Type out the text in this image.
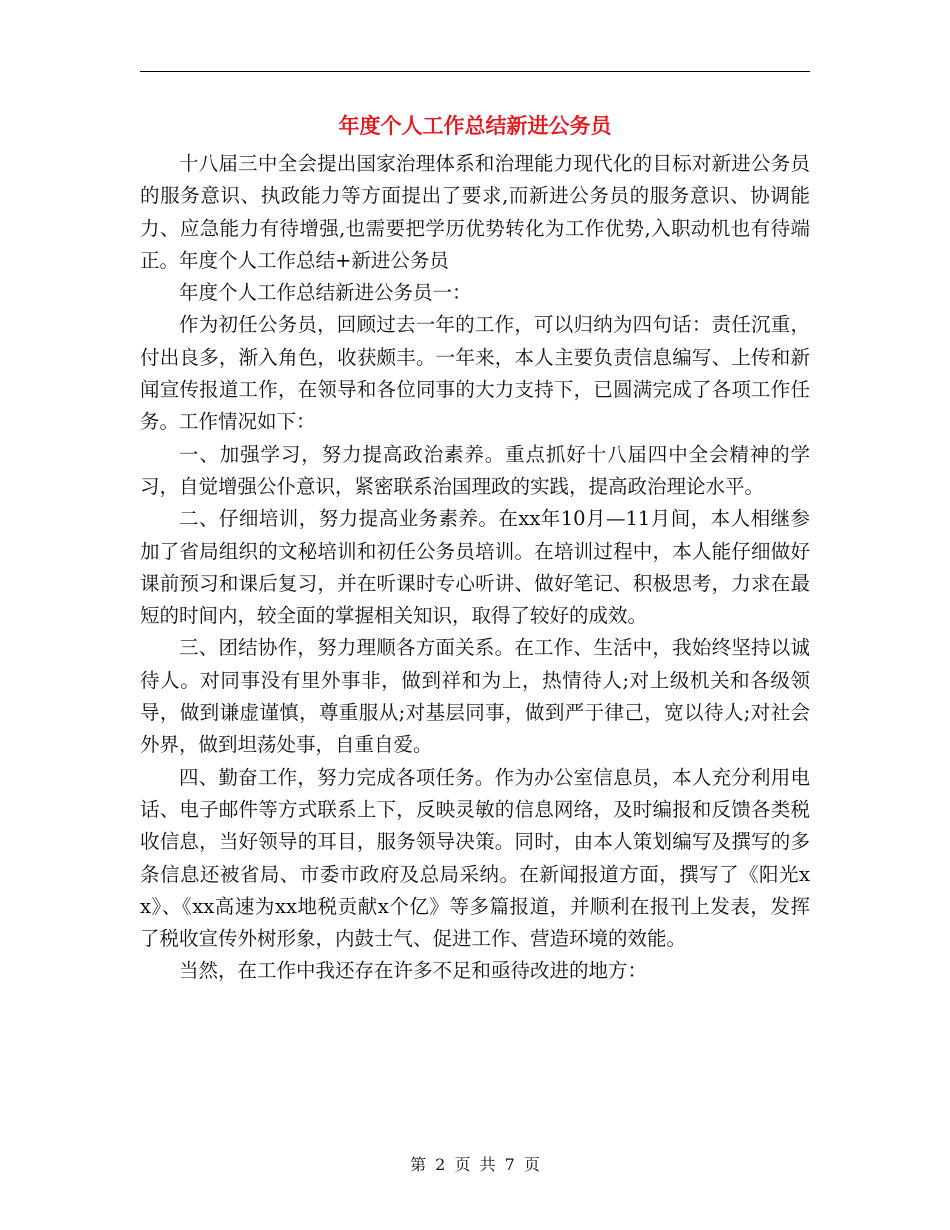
年度个人工作总结新进公务员

十八届三中全会提出国家治理体系和治理能力现代化的目标对新进公务员的服务意识、执政能力等方面提出了要求,而新进公务员的服务意识、协调能力、应急能力有待增强,也需要把学历优势转化为工作优势,入职动机也有待端正。年度个人工作总结+新进公务员

年度个人工作总结新进公务员一：

作为初任公务员，回顾过去一年的工作，可以归纳为四句话：责任沉重，付出良多，渐入角色，收获颇丰。一年来，本人主要负责信息编写、上传和新闻宣传报道工作，在领导和各位同事的大力支持下，已圆满完成了各项工作任务。工作情况如下：

一、加强学习，努力提高政治素养。重点抓好十八届四中全会精神的学习，自觉增强公仆意识，紧密联系治国理政的实践，提高政治理论水平。

二、仔细培训，努力提高业务素养。在xx年10月—11月间，本人相继参加了省局组织的文秘培训和初任公务员培训。在培训过程中，本人能仔细做好课前预习和课后复习，并在听课时专心听讲、做好笔记、积极思考，力求在最短的时间内，较全面的掌握相关知识，取得了较好的成效。

三、团结协作，努力理顺各方面关系。在工作、生活中，我始终坚持以诚待人。对同事没有里外事非，做到祥和为上，热情待人;对上级机关和各级领导，做到谦虚谨慎，尊重服从;对基层同事，做到严于律己，宽以待人;对社会外界，做到坦荡处事，自重自爱。

四、勤奋工作，努力完成各项任务。作为办公室信息员，本人充分利用电话、电子邮件等方式联系上下，反映灵敏的信息网络，及时编报和反馈各类税收信息，当好领导的耳目，服务领导决策。同时，由本人策划编写及撰写的多条信息还被省局、市委市政府及总局采纳。在新闻报道方面，撰写了《阳光xx》、《xx高速为xx地税贡献x个亿》等多篇报道，并顺利在报刊上发表，发挥了税收宣传外树形象，内鼓士气、促进工作、营造环境的效能。

当然，在工作中我还存在许多不足和亟待改进的地方：

第 2 页 共 7 页
